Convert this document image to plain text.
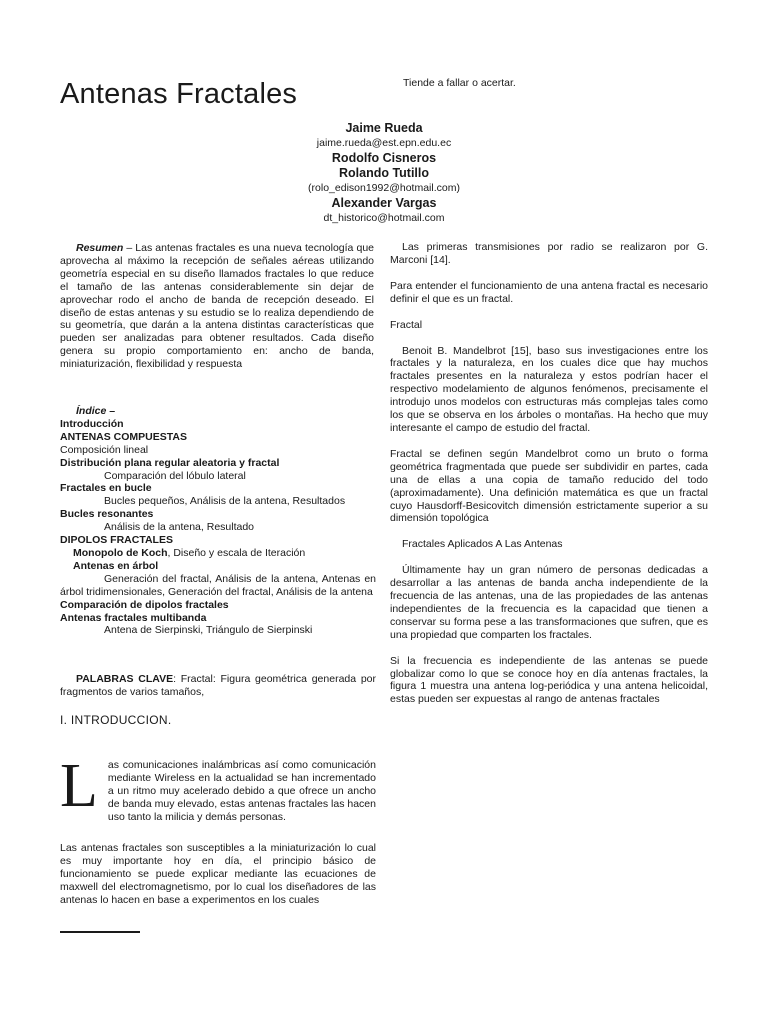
Antenas Fractales	Tiende a fallar o acertar.
Jaime Rueda
jaime.rueda@est.epn.edu.ec
Rodolfo Cisneros
Rolando Tutillo
(rolo_edison1992@hotmail.com)
Alexander Vargas
dt_historico@hotmail.com

Resumen – Las antenas fractales es una nueva tecnología que aprovecha al máximo la recepción de señales aéreas utilizando geometría especial en su diseño llamados fractales lo que reduce el tamaño de las antenas considerablemente sin dejar de aprovechar rodo el ancho de banda de recepción deseado. El diseño de estas antenas y su estudio se lo realiza dependiendo de su geometría, que darán a la antena distintas características que pueden ser analizadas para obtener resultados. Cada diseño genera su propio comportamiento en: ancho de banda, miniaturización, flexibilidad y respuesta

Índice –
Introducción
ANTENAS COMPUESTAS
Composición lineal
Distribución plana regular aleatoria y fractal
Comparación del lóbulo lateral
Fractales en bucle
Bucles pequeños, Análisis de la antena, Resultados
Bucles resonantes
Análisis de la antena, Resultado
DIPOLOS FRACTALES
Monopolo de Koch, Diseño y escala de Iteración
Antenas en árbol
Generación del fractal, Análisis de la antena, Antenas en árbol tridimensionales, Generación del fractal, Análisis de la antena
Comparación de dipolos fractales
Antenas fractales multibanda
Antena de Sierpinski, Triángulo de Sierpinski

PALABRAS CLAVE: Fractal: Figura geométrica generada por fragmentos de varios tamaños,

I. INTRODUCCION.
Las comunicaciones inalámbricas así como comunicación mediante Wireless en la actualidad se han incrementado a un ritmo muy acelerado debido a que ofrece un ancho de banda muy elevado, estas antenas fractales las hacen uso tanto la milicia y demás personas.
Las antenas fractales son susceptibles a la miniaturización lo cual es muy importante hoy en día, el principio básico de funcionamiento se puede explicar mediante las ecuaciones de maxwell del electromagnetismo, por lo cual los diseñadores de las antenas lo hacen en base a experimentos en los cuales

Las primeras transmisiones por radio se realizaron por G. Marconi [14].

Para entender el funcionamiento de una antena fractal es necesario definir el que es un fractal.

Fractal

Benoit B. Mandelbrot [15], baso sus investigaciones entre los fractales y la naturaleza, en los cuales dice que hay muchos fractales presentes en la naturaleza y estos podrían hacer el respectivo modelamiento de algunos fenómenos, precisamente el introdujo unos modelos con estructuras más complejas tales como los que se observa en los árboles o montañas. Ha hecho que muy interesante el campo de estudio del fractal.

Fractal se definen según Mandelbrot como un bruto o forma geométrica fragmentada que puede ser subdividir en partes, cada una de ellas a una copia de tamaño reducido del todo (aproximadamente). Una definición matemática es que un fractal cuyo Hausdorff-Besicovitch dimensión estrictamente superior a su dimensión topológica

Fractales Aplicados A Las Antenas

Últimamente hay un gran número de personas dedicadas a desarrollar a las antenas de banda ancha independiente de la frecuencia de las antenas, una de las propiedades de las antenas independientes de la frecuencia es la capacidad que tienen a conservar su forma pese a las transformaciones que sufren, que es una propiedad que comparten los fractales.

Si la frecuencia es independiente de las antenas se puede globalizar como lo que se conoce hoy en día antenas fractales, la figura 1 muestra una antena log-periódica y una antena helicoidal, estas pueden ser expuestas al rango de antenas fractales
